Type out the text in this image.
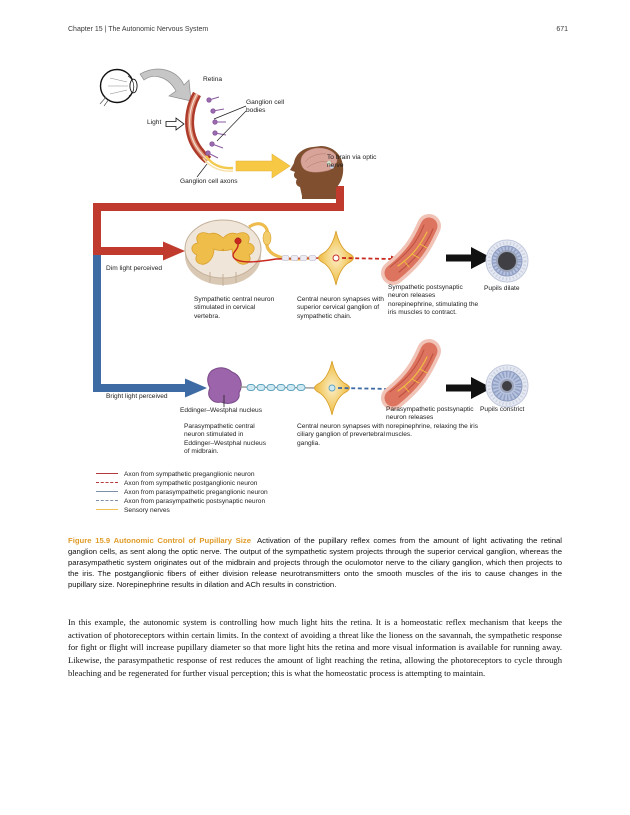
Chapter 15 | The Autonomic Nervous System	671
Retina
Ganglion cell bodies
Light
To brain via optic nerve
Ganglion cell axons
Dim light perceived
Sympathetic central neuron stimulated in cervical vertebra.
Central neuron synapses with superior cervical ganglion of sympathetic chain.
Sympathetic postsynaptic neuron releases norepinephrine, stimulating the iris muscles to contract.
Pupils dilate
Bright light perceived
Eddinger–Westphal nucleus
Parasympathetic central neuron stimulated in Eddinger–Westphal nucleus of midbrain.
Central neuron synapses with ciliary ganglion of prevertebral ganglia.
Parasympathetic postsynaptic neuron releases norepinephrine, relaxing the iris muscles.
Pupils constrict
Axon from sympathetic preganglionic neuron
Axon from sympathetic postganglionic neuron
Axon from parasympathetic preganglionic neuron
Axon from parasympathetic postsynaptic neuron
Sensory nerves
Figure 15.9 Autonomic Control of Pupillary Size Activation of the pupillary reflex comes from the amount of light activating the retinal ganglion cells, as sent along the optic nerve. The output of the sympathetic system projects through the superior cervical ganglion, whereas the parasympathetic system originates out of the midbrain and projects through the oculomotor nerve to the ciliary ganglion, which then projects to the iris. The postganglionic fibers of either division release neurotransmitters onto the smooth muscles of the iris to cause changes in the pupillary size. Norepinephrine results in dilation and ACh results in constriction.
In this example, the autonomic system is controlling how much light hits the retina. It is a homeostatic reflex mechanism that keeps the activation of photoreceptors within certain limits. In the context of avoiding a threat like the lioness on the savannah, the sympathetic response for fight or flight will increase pupillary diameter so that more light hits the retina and more visual information is available for running away. Likewise, the parasympathetic response of rest reduces the amount of light reaching the retina, allowing the photoreceptors to cycle through bleaching and be regenerated for further visual perception; this is what the homeostatic process is attempting to maintain.
